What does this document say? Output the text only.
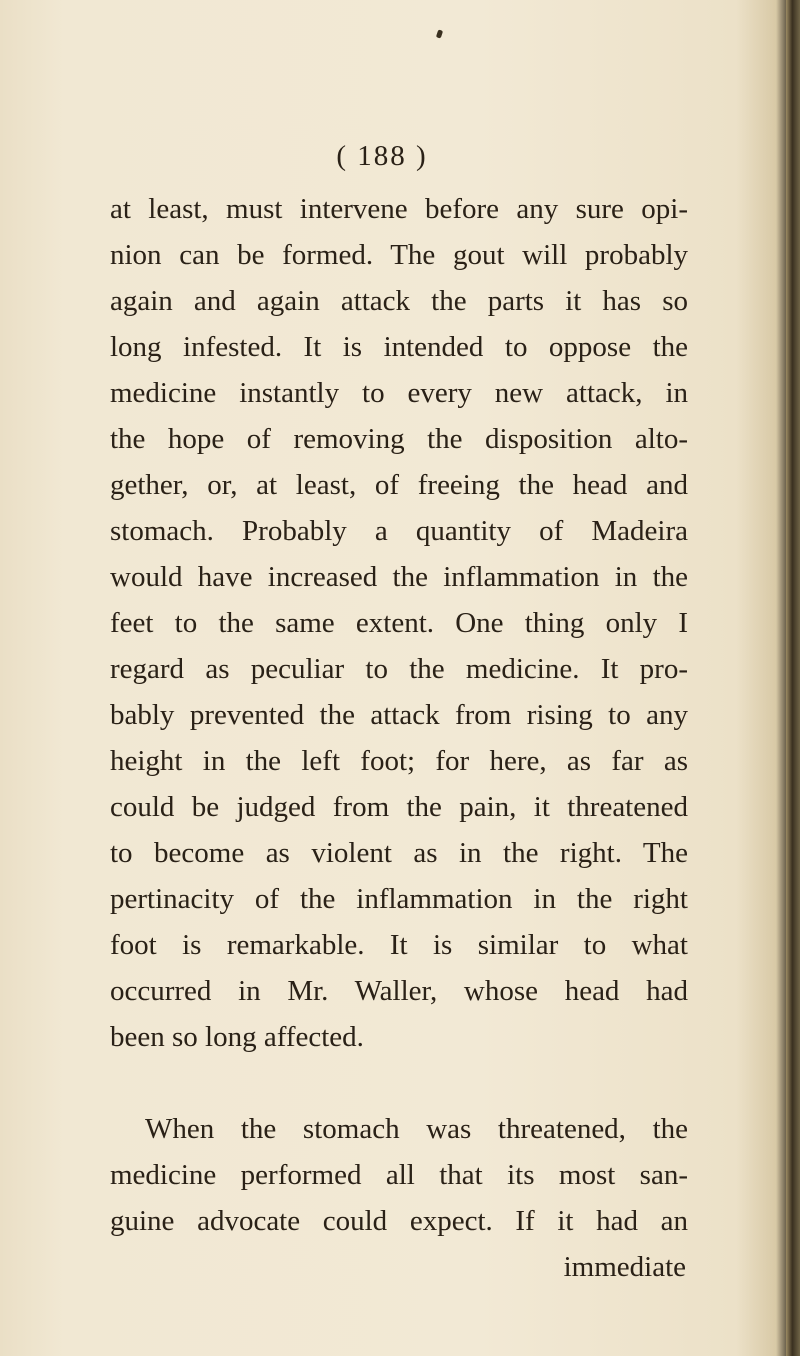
( 188 )
at least, must intervene before any sure opi-
nion can be formed. The gout will probably
again and again attack the parts it has so
long infested. It is intended to oppose the
medicine instantly to every new attack, in
the hope of removing the disposition alto-
gether, or, at least, of freeing the head and
stomach. Probably a quantity of Madeira
would have increased the inflammation in the
feet to the same extent. One thing only I
regard as peculiar to the medicine. It pro-
bably prevented the attack from rising to any
height in the left foot; for here, as far as
could be judged from the pain, it threatened
to become as violent as in the right. The
pertinacity of the inflammation in the right
foot is remarkable. It is similar to what
occurred in Mr. Waller, whose head had
been so long affected.
When the stomach was threatened, the
medicine performed all that its most san-
guine advocate could expect. If it had an
immediate
